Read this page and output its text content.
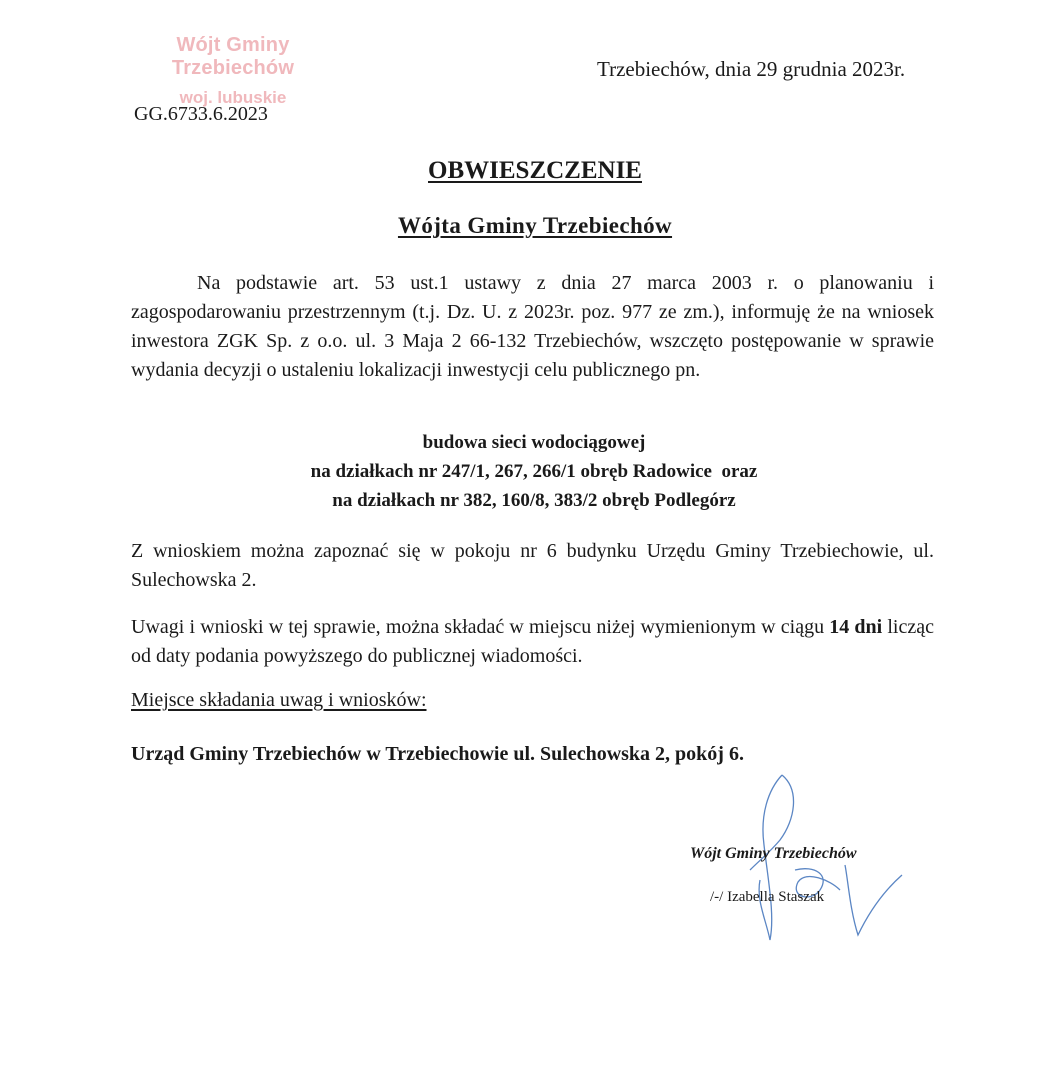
Wójt Gminy Trzebiechów
woj. lubuskie
Trzebiechów, dnia 29 grudnia 2023r.
GG.6733.6.2023
OBWIESZCZENIE
Wójta Gminy Trzebiechów

Na podstawie art. 53 ust.1 ustawy z dnia 27 marca 2003 r. o planowaniu i zagospodarowaniu przestrzennym (t.j. Dz. U. z 2023r. poz. 977 ze zm.), informuję że na wniosek inwestora ZGK Sp. z o.o. ul. 3 Maja 2 66-132 Trzebiechów, wszczęto postępowanie w sprawie wydania decyzji o ustaleniu lokalizacji inwestycji celu publicznego pn.

budowa sieci wodociągowej
na działkach nr 247/1, 267, 266/1 obręb Radowice  oraz
na działkach nr 382, 160/8, 383/2 obręb Podlegórz

Z wnioskiem można zapoznać się w pokoju nr 6 budynku Urzędu Gminy Trzebiechowie, ul. Sulechowska 2.

Uwagi i wnioski w tej sprawie, można składać w miejscu niżej wymienionym w ciągu 14 dni licząc od daty podania powyższego do publicznej wiadomości.

Miejsce składania uwag i wniosków:
Urząd Gminy Trzebiechów w Trzebiechowie ul. Sulechowska 2, pokój 6.
Wójt Gminy Trzebiechów
/-/ Izabella Staszak
